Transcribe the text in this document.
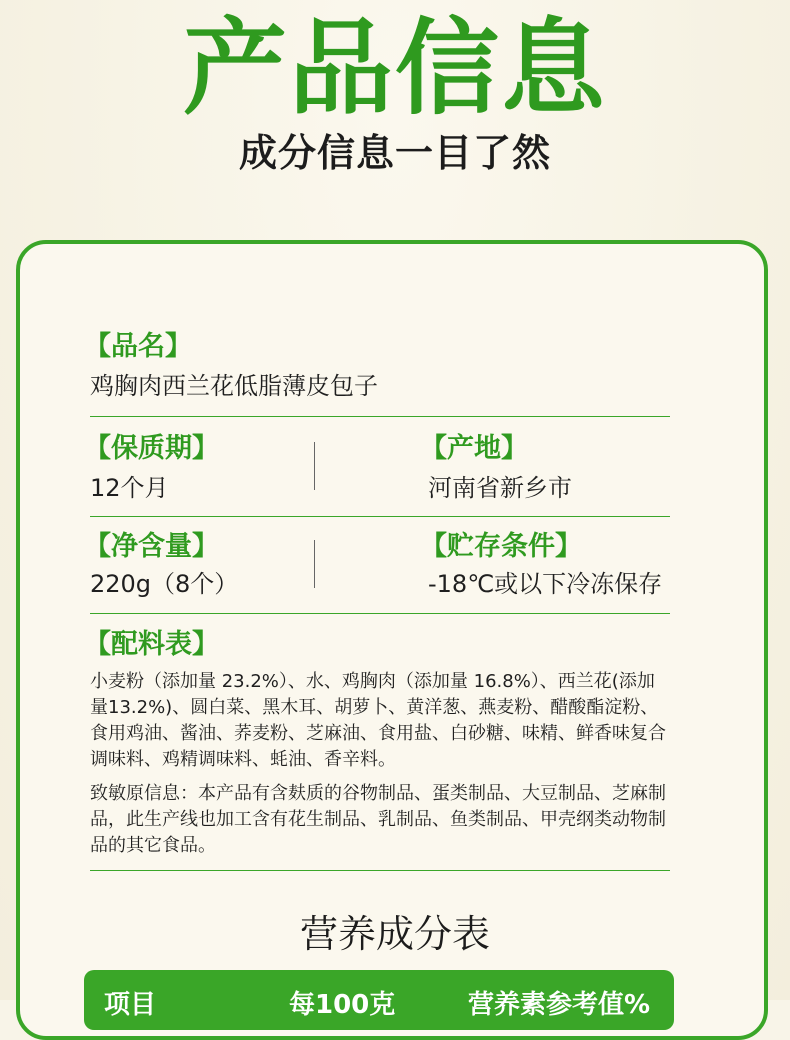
产品信息
成分信息一目了然
【品名】
鸡胸肉西兰花低脂薄皮包子
【保质期】
12个月
【产地】
河南省新乡市
【净含量】
220g（8个）
【贮存条件】
-18℃或以下冷冻保存
【配料表】
小麦粉（添加量 23.2%）、水、鸡胸肉（添加量 16.8%）、西兰花(添加量13.2%)、圆白菜、黑木耳、胡萝卜、黄洋葱、燕麦粉、醋酸酯淀粉、食用鸡油、酱油、荞麦粉、芝麻油、食用盐、白砂糖、味精、鲜香味复合调味料、鸡精调味料、蚝油、香辛料。
致敏原信息：本产品有含麸质的谷物制品、蛋类制品、大豆制品、芝麻制品，此生产线也加工含有花生制品、乳制品、鱼类制品、甲壳纲类动物制品的其它食品。
营养成分表
项目	每100克	营养素参考值%
